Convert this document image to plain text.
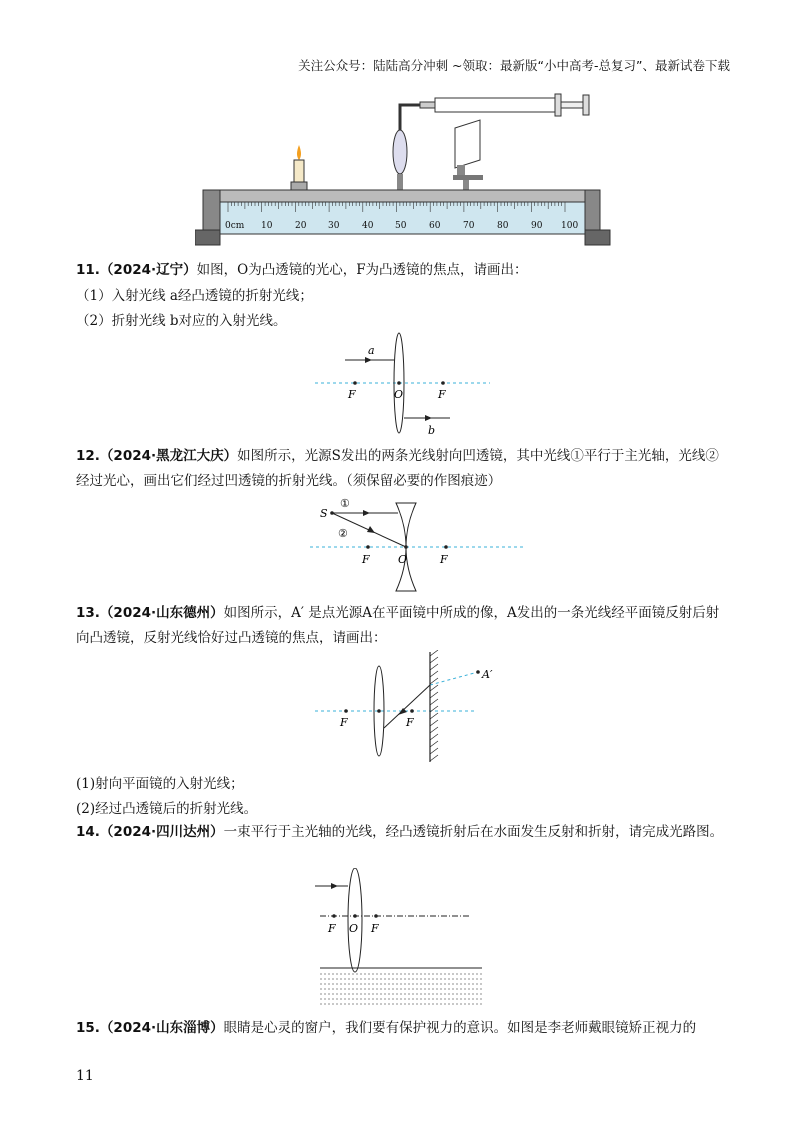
关注公众号：陆陆高分冲刺 ~领取：最新版“小中高考-总复习”、最新试卷下载
0cm 10	20 30	40 50	60	70	80	90 100
11.（2024·辽宁）如图，O为凸透镜的光心，F为凸透镜的焦点，请画出：
（1）入射光线 a经凸透镜的折射光线；
（2）折射光线 b对应的入射光线。
a
F	O	F
b
12.（2024·黑龙江大庆）如图所示，光源S发出的两条光线射向凹透镜，其中光线①平行于主光轴，光线②经过光心，画出它们经过凹透镜的折射光线。（须保留必要的作图痕迹）
S
①
②
F	O	F
13.（2024·山东德州）如图所示，A′ 是点光源A在平面镜中所成的像，A发出的一条光线经平面镜反射后射向凸透镜，反射光线恰好过凸透镜的焦点，请画出：
A′
F	F
(1)射向平面镜的入射光线；
(2)经过凸透镜后的折射光线。
14.（2024·四川达州）一束平行于主光轴的光线，经凸透镜折射后在水面发生反射和折射，请完成光路图。
F O F
15.（2024·山东淄博）眼睛是心灵的窗户，我们要有保护视力的意识。如图是李老师戴眼镜矫正视力的
11
